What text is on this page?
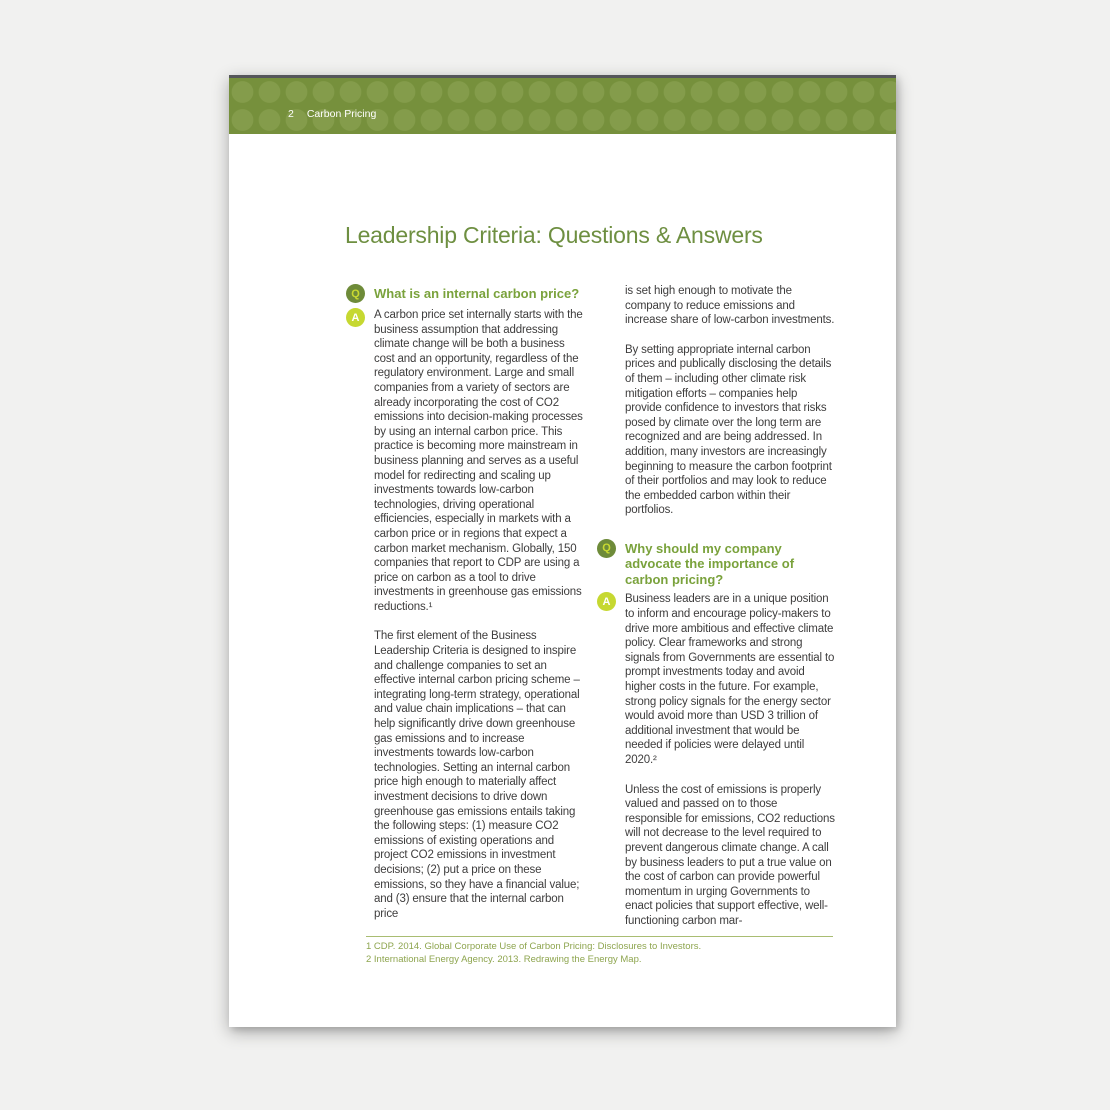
2 Carbon Pricing
Leadership Criteria: Questions & Answers
Q	What is an internal carbon price?
A	A carbon price set internally starts with the business assumption that addressing climate change will be both a business cost and an opportunity, regardless of the regulatory environment. Large and small companies from a variety of sectors are already incorporating the cost of CO2 emissions into decision-making processes by using an internal carbon price. This practice is becoming more mainstream in business planning and serves as a useful model for redirecting and scaling up investments towards low-carbon technologies, driving operational efficiencies, especially in markets with a carbon price or in regions that expect a carbon market mechanism. Globally, 150 companies that report to CDP are using a price on carbon as a tool to drive investments in greenhouse gas emissions reductions.¹
The first element of the Business Leadership Criteria is designed to inspire and challenge companies to set an effective internal carbon pricing scheme – integrating long-term strategy, operational and value chain implications – that can help significantly drive down greenhouse gas emissions and to increase investments towards low-carbon technologies. Setting an internal carbon price high enough to materially affect investment decisions to drive down greenhouse gas emissions entails taking the following steps: (1) measure CO2 emissions of existing operations and project CO2 emissions in investment decisions; (2) put a price on these emissions, so they have a financial value; and (3) ensure that the internal carbon price
is set high enough to motivate the company to reduce emissions and increase share of low-carbon investments.
By setting appropriate internal carbon prices and publically disclosing the details of them – including other climate risk mitigation efforts – companies help provide confidence to investors that risks posed by climate over the long term are recognized and are being addressed. In addition, many investors are increasingly beginning to measure the carbon footprint of their portfolios and may look to reduce the embedded carbon within their portfolios.
Q	Why should my company advocate the importance of carbon pricing?
A	Business leaders are in a unique position to inform and encourage policy-makers to drive more ambitious and effective climate policy. Clear frameworks and strong signals from Governments are essential to prompt investments today and avoid higher costs in the future. For example, strong policy signals for the energy sector would avoid more than USD 3 trillion of additional investment that would be needed if policies were delayed until 2020.²
Unless the cost of emissions is properly valued and passed on to those responsible for emissions, CO2 reductions will not decrease to the level required to prevent dangerous climate change. A call by business leaders to put a true value on the cost of carbon can provide powerful momentum in urging Governments to enact policies that support effective, well-functioning carbon mar-
1 CDP. 2014. Global Corporate Use of Carbon Pricing: Disclosures to Investors.
2 International Energy Agency. 2013. Redrawing the Energy Map.
